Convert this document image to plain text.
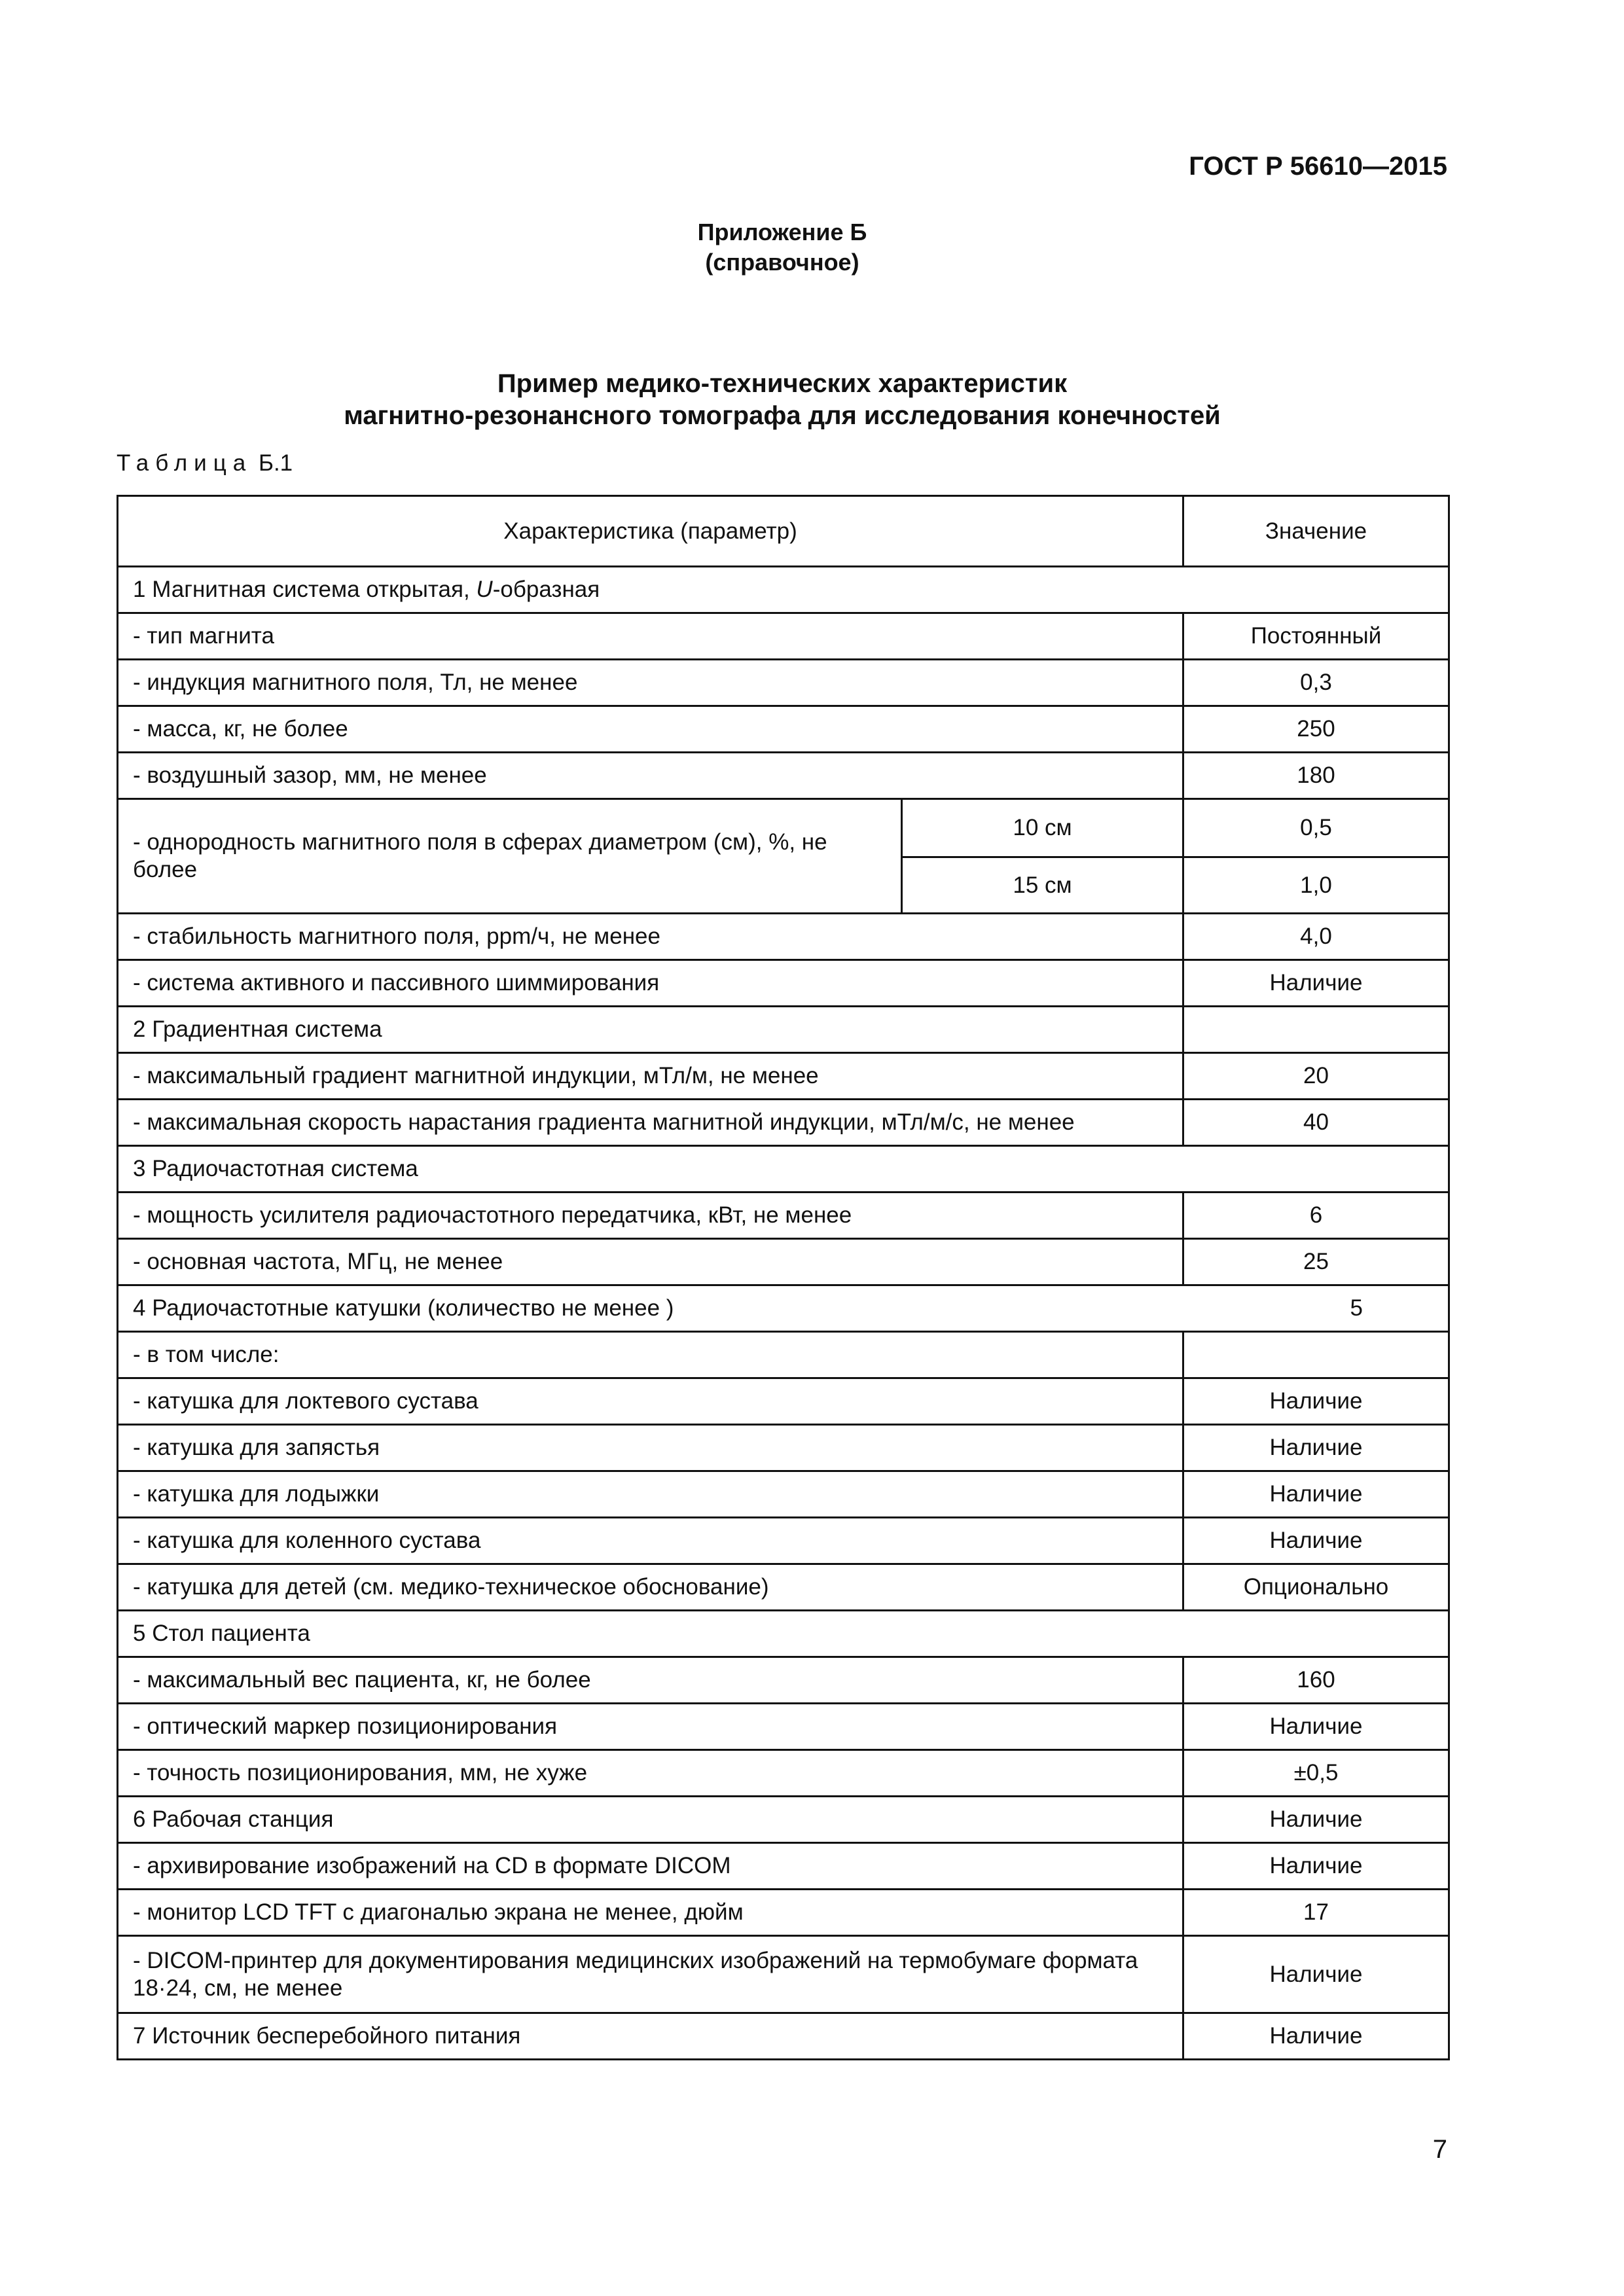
ГОСТ Р 56610—2015
Приложение Б
(справочное)
Пример медико-технических характеристик
магнитно-резонансного томографа для исследования конечностей
Таблица Б.1
Характеристика (параметр)		Значение
1 Магнитная система открытая, U-образная		
- тип магнита		Постоянный
- индукция магнитного поля, Тл, не менее		0,3
- масса, кг, не более		250
- воздушный зазор, мм, не менее		180
- однородность магнитного поля в сферах диаметром (см), %, не более	10 см	0,5
	15 см	1,0
- стабильность магнитного поля, ppm/ч, не менее		4,0
- система активного и пассивного шиммирования		Наличие
2 Градиентная система		
- максимальный градиент магнитной индукции, мТл/м, не менее		20
- максимальная скорость нарастания градиента магнитной индукции, мТл/м/с, не менее		40
3 Радиочастотная система		
- мощность усилителя радиочастотного передатчика, кВт, не менее		6
- основная частота, МГц, не менее		25
4 Радиочастотные катушки (количество не менее ) 5		

- в том числе:		
- катушка для локтевого сустава		Наличие
- катушка для запястья		Наличие
- катушка для лодыжки		Наличие
- катушка для коленного сустава		Наличие
- катушка для детей (см. медико-техническое обоснование)		Опционально
5 Стол пациента		
- максимальный вес пациента, кг, не более		160
- оптический маркер позиционирования		Наличие
- точность позиционирования, мм, не хуже		±0,5
6 Рабочая станция		Наличие
- архивирование изображений на CD в формате DICOM		Наличие
- монитор LCD TFT с диагональю экрана не менее, дюйм		17
- DICOM-принтер для документирования медицинских изображений на термобумаге формата 18·24, см, не менее		Наличие
7 Источник бесперебойного питания		Наличие
7
